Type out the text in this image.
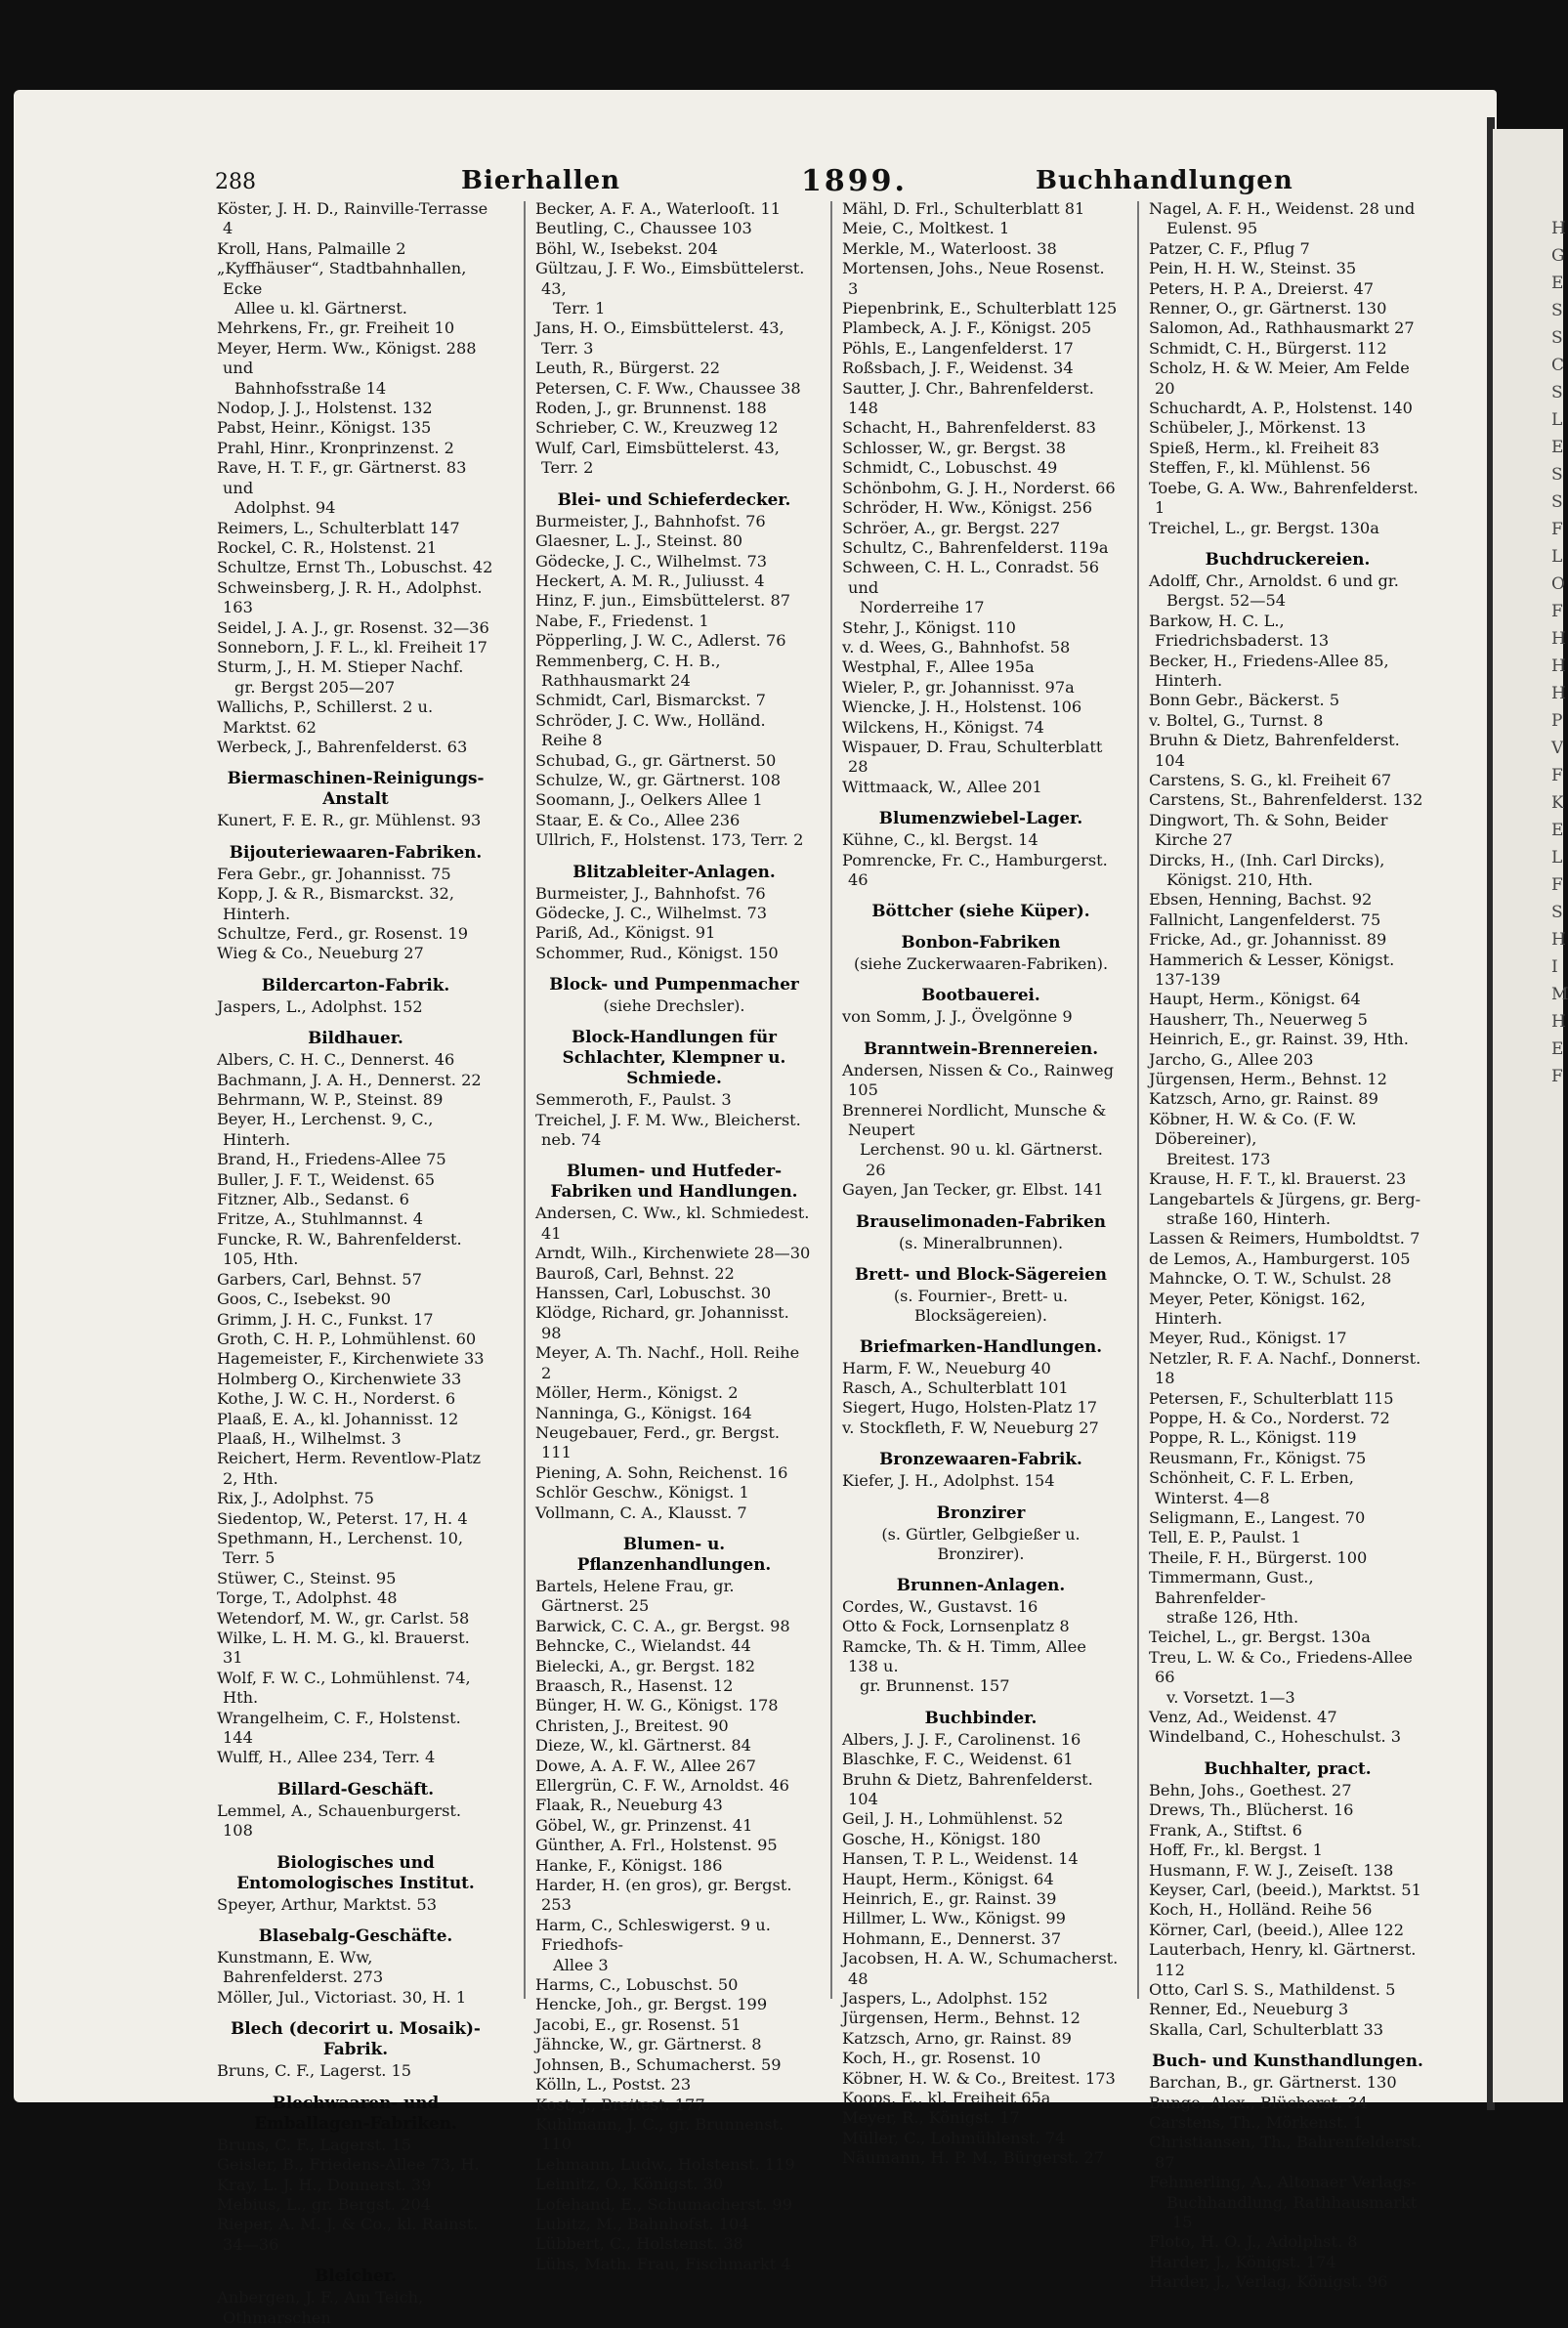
H
G
E
S
S
C
S
L
E
S
S
F
L
O
F
H
H
H
P
V
F
K
E
L
F
S
H
I
M
H
E
F
288	Bierhallen	1899.	Buchhandlungen
Köster, J. H. D., Rainville-Terrasse 4
Kroll, Hans, Palmaille 2
„Kyffhäuser“, Stadtbahnhallen, Ecke
Allee u. kl. Gärtnerst.
Mehrkens, Fr., gr. Freiheit 10
Meyer, Herm. Ww., Königst. 288 und
Bahnhofsstraße 14
Nodop, J. J., Holstenst. 132
Pabst, Heinr., Königst. 135
Prahl, Hinr., Kronprinzenst. 2
Rave, H. T. F., gr. Gärtnerst. 83 und
Adolphst. 94
Reimers, L., Schulterblatt 147
Rockel, C. R., Holstenst. 21
Schultze, Ernst Th., Lobuschst. 42
Schweinsberg, J. R. H., Adolphst. 163
Seidel, J. A. J., gr. Rosenst. 32—36
Sonneborn, J. F. L., kl. Freiheit 17
Sturm, J., H. M. Stieper Nachf.
gr. Bergst 205—207
Wallichs, P., Schillerst. 2 u. Marktst. 62
Werbeck, J., Bahrenfelderst. 63
Biermaschinen-Reinigungs-Anstalt
Kunert, F. E. R., gr. Mühlenst. 93
Bijouteriewaaren-Fabriken.
Fera Gebr., gr. Johannisst. 75
Kopp, J. & R., Bismarckst. 32, Hinterh.
Schultze, Ferd., gr. Rosenst. 19
Wieg & Co., Neueburg 27
Bildercarton-Fabrik.
Jaspers, L., Adolphst. 152
Bildhauer.
Albers, C. H. C., Dennerst. 46
Bachmann, J. A. H., Dennerst. 22
Behrmann, W. P., Steinst. 89
Beyer, H., Lerchenst. 9, C., Hinterh.
Brand, H., Friedens-Allee 75
Buller, J. F. T., Weidenst. 65
Fitzner, Alb., Sedanst. 6
Fritze, A., Stuhlmannst. 4
Funcke, R. W., Bahrenfelderst. 105, Hth.
Garbers, Carl, Behnst. 57
Goos, C., Isebekst. 90
Grimm, J. H. C., Funkst. 17
Groth, C. H. P., Lohmühlenst. 60
Hagemeister, F., Kirchenwiete 33
Holmberg O., Kirchenwiete 33
Kothe, J. W. C. H., Norderst. 6
Plaaß, E. A., kl. Johannisst. 12
Plaaß, H., Wilhelmst. 3
Reichert, Herm. Reventlow-Platz 2, Hth.
Rix, J., Adolphst. 75
Siedentop, W., Peterst. 17, H. 4
Spethmann, H., Lerchenst. 10, Terr. 5
Stüwer, C., Steinst. 95
Torge, T., Adolphst. 48
Wetendorf, M. W., gr. Carlst. 58
Wilke, L. H. M. G., kl. Brauerst. 31
Wolf, F. W. C., Lohmühlenst. 74, Hth.
Wrangelheim, C. F., Holstenst. 144
Wulff, H., Allee 234, Terr. 4
Billard-Geschäft.
Lemmel, A., Schauenburgerst. 108
Biologisches und Entomologisches Institut.
Speyer, Arthur, Marktst. 53
Blasebalg-Geschäfte.
Kunstmann, E. Ww, Bahrenfelderst. 273
Möller, Jul., Victoriast. 30, H. 1
Blech (decorirt u. Mosaik)-Fabrik.
Bruns, C. F., Lagerst. 15
Blechwaaren- und Emballagen-Fabriken.
Bruns, C. F., Lagerst. 15
Geisler, B., Friedens-Allee 73, H.
Kray, L. J. H., Donnerst. 39
Mebius, L., gr. Bergst. 204
Rieper, A. M. J. & Co., kl. Rainst. 34—36
Bleicher.
Anbergen, J. F., Am Teich, Othmarschen
Becker, A. F. A., Waterlooſt. 11
Beutling, C., Chaussee 103
Böhl, W., Isebekst. 204
Gültzau, J. F. Wo., Eimsbüttelerst. 43,
Terr. 1
Jans, H. O., Eimsbüttelerst. 43, Terr. 3
Leuth, R., Bürgerst. 22
Petersen, C. F. Ww., Chaussee 38
Roden, J., gr. Brunnenst. 188
Schrieber, C. W., Kreuzweg 12
Wulf, Carl, Eimsbüttelerst. 43, Terr. 2
Blei- und Schieferdecker.
Burmeister, J., Bahnhofst. 76
Glaesner, L. J., Steinst. 80
Gödecke, J. C., Wilhelmst. 73
Heckert, A. M. R., Juliusst. 4
Hinz, F. jun., Eimsbüttelerst. 87
Nabe, F., Friedenst. 1
Pöpperling, J. W. C., Adlerst. 76
Remmenberg, C. H. B., Rathhausmarkt 24
Schmidt, Carl, Bismarckst. 7
Schröder, J. C. Ww., Holländ. Reihe 8
Schubad, G., gr. Gärtnerst. 50
Schulze, W., gr. Gärtnerst. 108
Soomann, J., Oelkers Allee 1
Staar, E. & Co., Allee 236
Ullrich, F., Holstenst. 173, Terr. 2
Blitzableiter-Anlagen.
Burmeister, J., Bahnhofst. 76
Gödecke, J. C., Wilhelmst. 73
Pariß, Ad., Königst. 91
Schommer, Rud., Königst. 150
Block- und Pumpenmacher
(siehe Drechsler).
Block-Handlungen für Schlachter, Klempner u. Schmiede.
Semmeroth, F., Paulst. 3
Treichel, J. F. M. Ww., Bleicherst. neb. 74
Blumen- und Hutfeder-Fabriken und Handlungen.
Andersen, C. Ww., kl. Schmiedest. 41
Arndt, Wilh., Kirchenwiete 28—30
Bauroß, Carl, Behnst. 22
Hanssen, Carl, Lobuschst. 30
Klödge, Richard, gr. Johannisst. 98
Meyer, A. Th. Nachf., Holl. Reihe 2
Möller, Herm., Königst. 2
Nanninga, G., Königst. 164
Neugebauer, Ferd., gr. Bergst. 111
Piening, A. Sohn, Reichenst. 16
Schlör Geschw., Königst. 1
Vollmann, C. A., Klausst. 7
Blumen- u. Pflanzenhandlungen.
Bartels, Helene Frau, gr. Gärtnerst. 25
Barwick, C. C. A., gr. Bergst. 98
Behncke, C., Wielandst. 44
Bielecki, A., gr. Bergst. 182
Braasch, R., Hasenst. 12
Bünger, H. W. G., Königst. 178
Christen, J., Breitest. 90
Dieze, W., kl. Gärtnerst. 84
Dowe, A. A. F. W., Allee 267
Ellergrün, C. F. W., Arnoldst. 46
Flaak, R., Neueburg 43
Göbel, W., gr. Prinzenst. 41
Günther, A. Frl., Holstenst. 95
Hanke, F., Königst. 186
Harder, H. (en gros), gr. Bergst. 253
Harm, C., Schleswigerst. 9 u. Friedhofs-
Allee 3
Harms, C., Lobuschst. 50
Hencke, Joh., gr. Bergst. 199
Jacobi, E., gr. Rosenst. 51
Jähncke, W., gr. Gärtnerst. 8
Johnsen, B., Schumacherst. 59
Kölln, L., Postst. 23
Kost, J., Breitest. 177
Kuhlmann, J. C., gr. Brunnenst. 110
Lehmann, Ludw., Holstenst. 119
Leimitz, O., Königst. 30
Lofehand, E., Schumacherst. 99
Lubitz, M., Bahnhofst. 104
Lübbert, C., Holstenst. 38
Lühs, Math. Frau, Fischmarkt 4
Mähl, D. Frl., Schulterblatt 81
Meie, C., Moltkest. 1
Merkle, M., Waterloost. 38
Mortensen, Johs., Neue Rosenst. 3
Piepenbrink, E., Schulterblatt 125
Plambeck, A. J. F., Königst. 205
Pöhls, E., Langenfelderst. 17
Roßsbach, J. F., Weidenst. 34
Sautter, J. Chr., Bahrenfelderst. 148
Schacht, H., Bahrenfelderst. 83
Schlosser, W., gr. Bergst. 38
Schmidt, C., Lobuschst. 49
Schönbohm, G. J. H., Norderst. 66
Schröder, H. Ww., Königst. 256
Schröer, A., gr. Bergst. 227
Schultz, C., Bahrenfelderst. 119a
Schween, C. H. L., Conradst. 56 und
Norderreihe 17
Stehr, J., Königst. 110
v. d. Wees, G., Bahnhofst. 58
Westphal, F., Allee 195a
Wieler, P., gr. Johannisst. 97a
Wiencke, J. H., Holstenst. 106
Wilckens, H., Königst. 74
Wispauer, D. Frau, Schulterblatt 28
Wittmaack, W., Allee 201
Blumenzwiebel-Lager.
Kühne, C., kl. Bergst. 14
Pomrencke, Fr. C., Hamburgerst. 46
Böttcher (siehe Küper).
Bonbon-Fabriken
(siehe Zuckerwaaren-Fabriken).
Bootbauerei.
von Somm, J. J., Övelgönne 9
Branntwein-Brennereien.
Andersen, Nissen & Co., Rainweg 105
Brennerei Nordlicht, Munsche & Neupert
Lerchenst. 90 u. kl. Gärtnerst. 26
Gayen, Jan Tecker, gr. Elbst. 141
Brauselimonaden-Fabriken
(s. Mineralbrunnen).
Brett- und Block-Sägereien
(s. Fournier-, Brett- u. Blocksägereien).
Briefmarken-Handlungen.
Harm, F. W., Neueburg 40
Rasch, A., Schulterblatt 101
Siegert, Hugo, Holsten-Platz 17
v. Stockfleth, F. W, Neueburg 27
Bronzewaaren-Fabrik.
Kiefer, J. H., Adolphst. 154
Bronzirer
(s. Gürtler, Gelbgießer u. Bronzirer).
Brunnen-Anlagen.
Cordes, W., Gustavst. 16
Otto & Fock, Lornsenplatz 8
Ramcke, Th. & H. Timm, Allee 138 u.
gr. Brunnenst. 157
Buchbinder.
Albers, J. J. F., Carolinenst. 16
Blaschke, F. C., Weidenst. 61
Bruhn & Dietz, Bahrenfelderst. 104
Geil, J. H., Lohmühlenst. 52
Gosche, H., Königst. 180
Hansen, T. P. L., Weidenst. 14
Haupt, Herm., Königst. 64
Heinrich, E., gr. Rainst. 39
Hillmer, L. Ww., Königst. 99
Hohmann, E., Dennerst. 37
Jacobsen, H. A. W., Schumacherst. 48
Jaspers, L., Adolphst. 152
Jürgensen, Herm., Behnst. 12
Katzsch, Arno, gr. Rainst. 89
Koch, H., gr. Rosenst. 10
Köbner, H. W. & Co., Breitest. 173
Koops, E., kl. Freiheit 65a
Meyer, R., Königst. 17
Müller, C., Lohmühlenst. 74
Näumann, H. P. M., Bürgerst. 27
Nagel, A. F. H., Weidenst. 28 und
Eulenst. 95
Patzer, C. F., Pflug 7
Pein, H. H. W., Steinst. 35
Peters, H. P. A., Dreierst. 47
Renner, O., gr. Gärtnerst. 130
Salomon, Ad., Rathhausmarkt 27
Schmidt, C. H., Bürgerst. 112
Scholz, H. & W. Meier, Am Felde 20
Schuchardt, A. P., Holstenst. 140
Schübeler, J., Mörkenst. 13
Spieß, Herm., kl. Freiheit 83
Steffen, F., kl. Mühlenst. 56
Toebe, G. A. Ww., Bahrenfelderst. 1
Treichel, L., gr. Bergst. 130a
Buchdruckereien.
Adolff, Chr., Arnoldst. 6 und gr.
Bergst. 52—54
Barkow, H. C. L., Friedrichsbaderst. 13
Becker, H., Friedens-Allee 85, Hinterh.
Bonn Gebr., Bäckerst. 5
v. Boltel, G., Turnst. 8
Bruhn & Dietz, Bahrenfelderst. 104
Carstens, S. G., kl. Freiheit 67
Carstens, St., Bahrenfelderst. 132
Dingwort, Th. & Sohn, Beider Kirche 27
Dircks, H., (Inh. Carl Dircks),
Königst. 210, Hth.
Ebsen, Henning, Bachst. 92
Fallnicht, Langenfelderst. 75
Fricke, Ad., gr. Johannisst. 89
Hammerich & Lesser, Königst. 137-139
Haupt, Herm., Königst. 64
Hausherr, Th., Neuerweg 5
Heinrich, E., gr. Rainst. 39, Hth.
Jarcho, G., Allee 203
Jürgensen, Herm., Behnst. 12
Katzsch, Arno, gr. Rainst. 89
Köbner, H. W. & Co. (F. W. Döbereiner),
Breitest. 173
Krause, H. F. T., kl. Brauerst. 23
Langebartels & Jürgens, gr. Berg-
straße 160, Hinterh.
Lassen & Reimers, Humboldtst. 7
de Lemos, A., Hamburgerst. 105
Mahncke, O. T. W., Schulst. 28
Meyer, Peter, Königst. 162, Hinterh.
Meyer, Rud., Königst. 17
Netzler, R. F. A. Nachf., Donnerst. 18
Petersen, F., Schulterblatt 115
Poppe, H. & Co., Norderst. 72
Poppe, R. L., Königst. 119
Reusmann, Fr., Königst. 75
Schönheit, C. F. L. Erben, Winterst. 4—8
Seligmann, E., Langest. 70
Tell, E. P., Paulst. 1
Theile, F. H., Bürgerst. 100
Timmermann, Gust., Bahrenfelder-
straße 126, Hth.
Teichel, L., gr. Bergst. 130a
Treu, L. W. & Co., Friedens-Allee 66
v. Vorsetzt. 1—3
Venz, Ad., Weidenst. 47
Windelband, C., Hoheschulst. 3
Buchhalter, pract.
Behn, Johs., Goethest. 27
Drews, Th., Blücherst. 16
Frank, A., Stiftst. 6
Hoff, Fr., kl. Bergst. 1
Husmann, F. W. J., Zeiseſt. 138
Keyser, Carl, (beeid.), Marktst. 51
Koch, H., Holländ. Reihe 56
Körner, Carl, (beeid.), Allee 122
Lauterbach, Henry, kl. Gärtnerst. 112
Otto, Carl S. S., Mathildenst. 5
Renner, Ed., Neueburg 3
Skalla, Carl, Schulterblatt 33
Buch- und Kunsthandlungen.
Barchan, B., gr. Gärtnerst. 130
Bunge, Alex., Blücherst. 34
Carstens, Th., Mörkenst. 1
Christiansen, Th., Bahrenfelderst. 87
Fehmerling, A., Altonaer Verlags-
Buchhandlung, Rathhausmarkt 15
Floto, H. O. J., Adolphst. 8
Harder, J., Königst. 174
Harder, J., Verlag, Königst. 96
